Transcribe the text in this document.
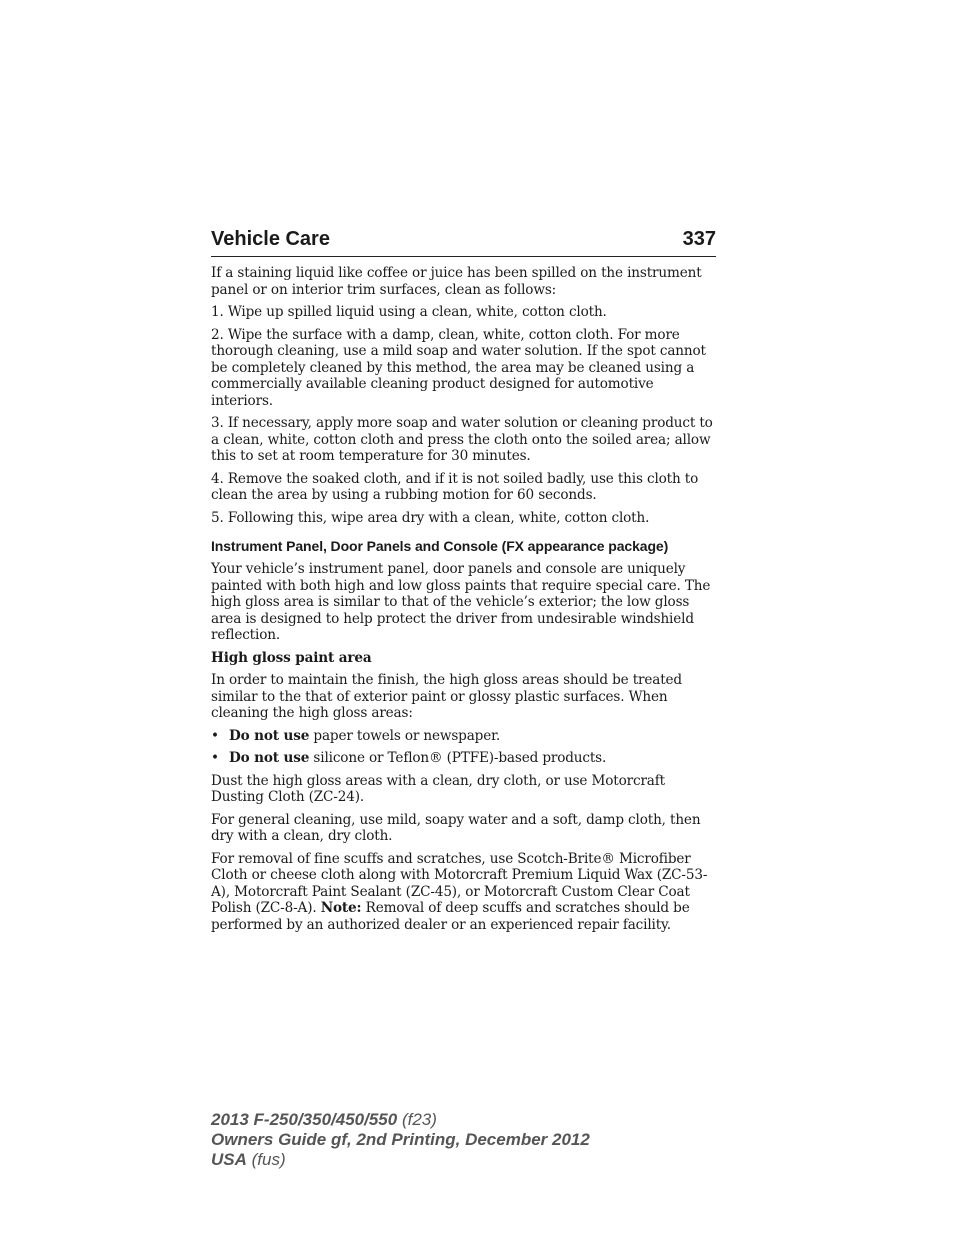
Vehicle Care	337

If a staining liquid like coffee or juice has been spilled on the instrument panel or on interior trim surfaces, clean as follows:

1. Wipe up spilled liquid using a clean, white, cotton cloth.

2. Wipe the surface with a damp, clean, white, cotton cloth. For more thorough cleaning, use a mild soap and water solution. If the spot cannot be completely cleaned by this method, the area may be cleaned using a commercially available cleaning product designed for automotive interiors.

3. If necessary, apply more soap and water solution or cleaning product to a clean, white, cotton cloth and press the cloth onto the soiled area; allow this to set at room temperature for 30 minutes.

4. Remove the soaked cloth, and if it is not soiled badly, use this cloth to clean the area by using a rubbing motion for 60 seconds.

5. Following this, wipe area dry with a clean, white, cotton cloth.

Instrument Panel, Door Panels and Console (FX appearance package)

Your vehicle’s instrument panel, door panels and console are uniquely painted with both high and low gloss paints that require special care. The high gloss area is similar to that of the vehicle’s exterior; the low gloss area is designed to help protect the driver from undesirable windshield reflection.

High gloss paint area

In order to maintain the finish, the high gloss areas should be treated similar to the that of exterior paint or glossy plastic surfaces. When cleaning the high gloss areas:

• Do not use paper towels or newspaper.

• Do not use silicone or Teflon® (PTFE)-based products.

Dust the high gloss areas with a clean, dry cloth, or use Motorcraft Dusting Cloth (ZC-24).

For general cleaning, use mild, soapy water and a soft, damp cloth, then dry with a clean, dry cloth.

For removal of fine scuffs and scratches, use Scotch-Brite® Microfiber Cloth or cheese cloth along with Motorcraft Premium Liquid Wax (ZC-53-A), Motorcraft Paint Sealant (ZC-45), or Motorcraft Custom Clear Coat Polish (ZC-8-A). Note: Removal of deep scuffs and scratches should be performed by an authorized dealer or an experienced repair facility.

2013 F-250/350/450/550 (f23)
Owners Guide gf, 2nd Printing, December 2012
USA (fus)
